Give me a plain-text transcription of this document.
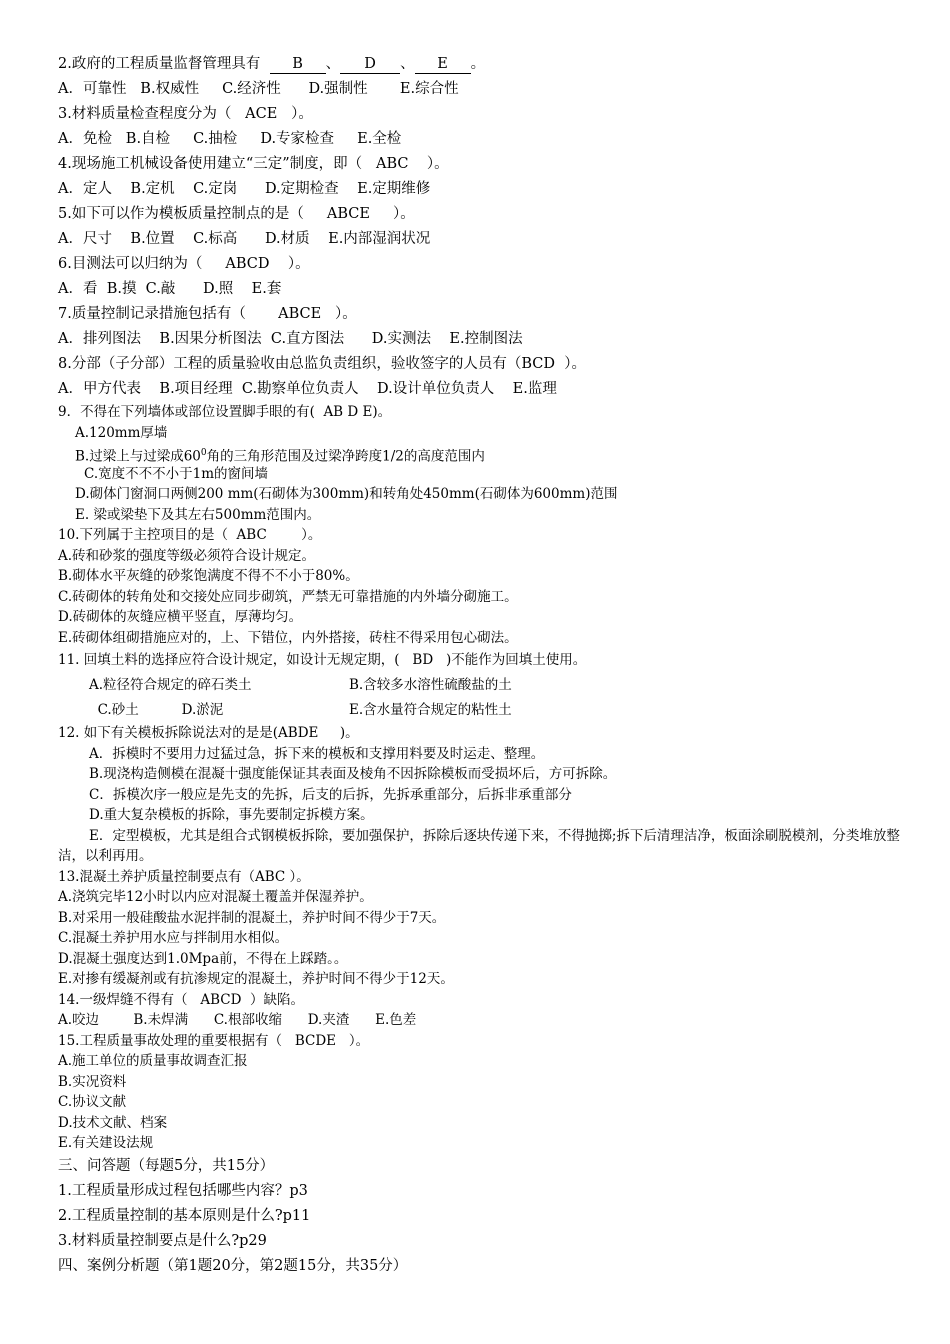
2.政府的工程质量监督管理具有 B 、 D 、 E 。
A．可靠性   B.权威性     C.经济性      D.强制性       E.综合性
3.材料质量检查程度分为（   ACE   ）。
A．免检   B.自检     C.抽检     D.专家检查     E.全检
4.现场施工机械设备使用建立“三定”制度，即（   ABC    ）。
A．定人    B.定机    C.定岗      D.定期检查    E.定期维修
5.如下可以作为模板质量控制点的是（     ABCE     ）。
A．尺寸    B.位置    C.标高      D.材质    E.内部湿润状况
6.目测法可以归纳为（     ABCD    ）。
A．看  B.摸  C.敲      D.照    E.套
7.质量控制记录措施包括有（       ABCE   ）。
A．排列图法    B.因果分析图法  C.直方图法      D.实测法    E.控制图法
8.分部（子分部）工程的质量验收由总监负责组织，验收签字的人员有（BCD  ）。
A．甲方代表    B.项目经理  C.勘察单位负责人    D.设计单位负责人    E.监理
9．不得在下列墙体或部位设置脚手眼的有(  AB D E)。
A.120mm厚墙
B.过梁上与过梁成$60^0$角的三角形范围及过梁净跨度1/2的高度范围内
C.宽度不不不小于1m的窗间墙
D.砌体门窗洞口两侧200 mm(石砌体为300mm)和转角处450mm(石砌体为600mm)范围
E. 梁或梁垫下及其左右500mm范围内。
10.下列属于主控项目的是（  ABC        ）。
A.砖和砂浆的强度等级必须符合设计规定。
B.砌体水平灰缝的砂浆饱满度不得不不小于80%。
C.砖砌体的转角处和交接处应同步砌筑，严禁无可靠措施的内外墙分砌施工。
D.砖砌体的灰缝应横平竖直，厚薄均匀。
E.砖砌体组砌措施应对的，上、下错位，内外搭接，砖柱不得采用包心砌法。
11. 回填土料的选择应符合设计规定，如设计无规定期，(   BD   )不能作为回填土使用。
A.粒径符合规定的碎石类土	B.含较多水溶性硫酸盐的土
C.砂土          D.淤泥	E.含水量符合规定的粘性土
12. 如下有关模板拆除说法对的是是(ABDE     )。
A．拆模时不要用力过猛过急，拆下来的模板和支撑用料要及时运走、整理。
B.现浇构造侧模在混凝十强度能保证其表面及棱角不因拆除模板而受损坏后，方可拆除。
C．拆模次序一般应是先支的先拆，后支的后拆，先拆承重部分，后拆非承重部分
D.重大复杂模板的拆除，事先要制定拆模方案。
E．定型模板，尤其是组合式钢模板拆除，要加强保护，拆除后逐块传递下来，不得抛掷;拆下后清理洁净，板面涂刷脱模剂，分类堆放整洁，以利再用。
13.混凝土养护质量控制要点有（ABC ）。
A.浇筑完毕12小时以内应对混凝土覆盖并保湿养护。
B.对采用一般硅酸盐水泥拌制的混凝土，养护时间不得少于7天。
C.混凝土养护用水应与拌制用水相似。
D.混凝土强度达到1.0Mpa前，不得在上踩踏。。
E.对掺有缓凝剂或有抗渗规定的混凝土，养护时间不得少于12天。
14.一级焊缝不得有（   ABCD  ）缺陷。
A.咬边        B.未焊满      C.根部收缩      D.夹渣      E.色差
15.工程质量事故处理的重要根据有（   BCDE   ）。
A.施工单位的质量事故调查汇报
B.实况资料
C.协议文献
D.技术文献、档案
E.有关建设法规
三、问答题（每题5分，共15分）
1.工程质量形成过程包括哪些内容？p3
2.工程质量控制的基本原则是什么?p11
3.材料质量控制要点是什么?p29
四、案例分析题（第1题20分，第2题15分，共35分）
